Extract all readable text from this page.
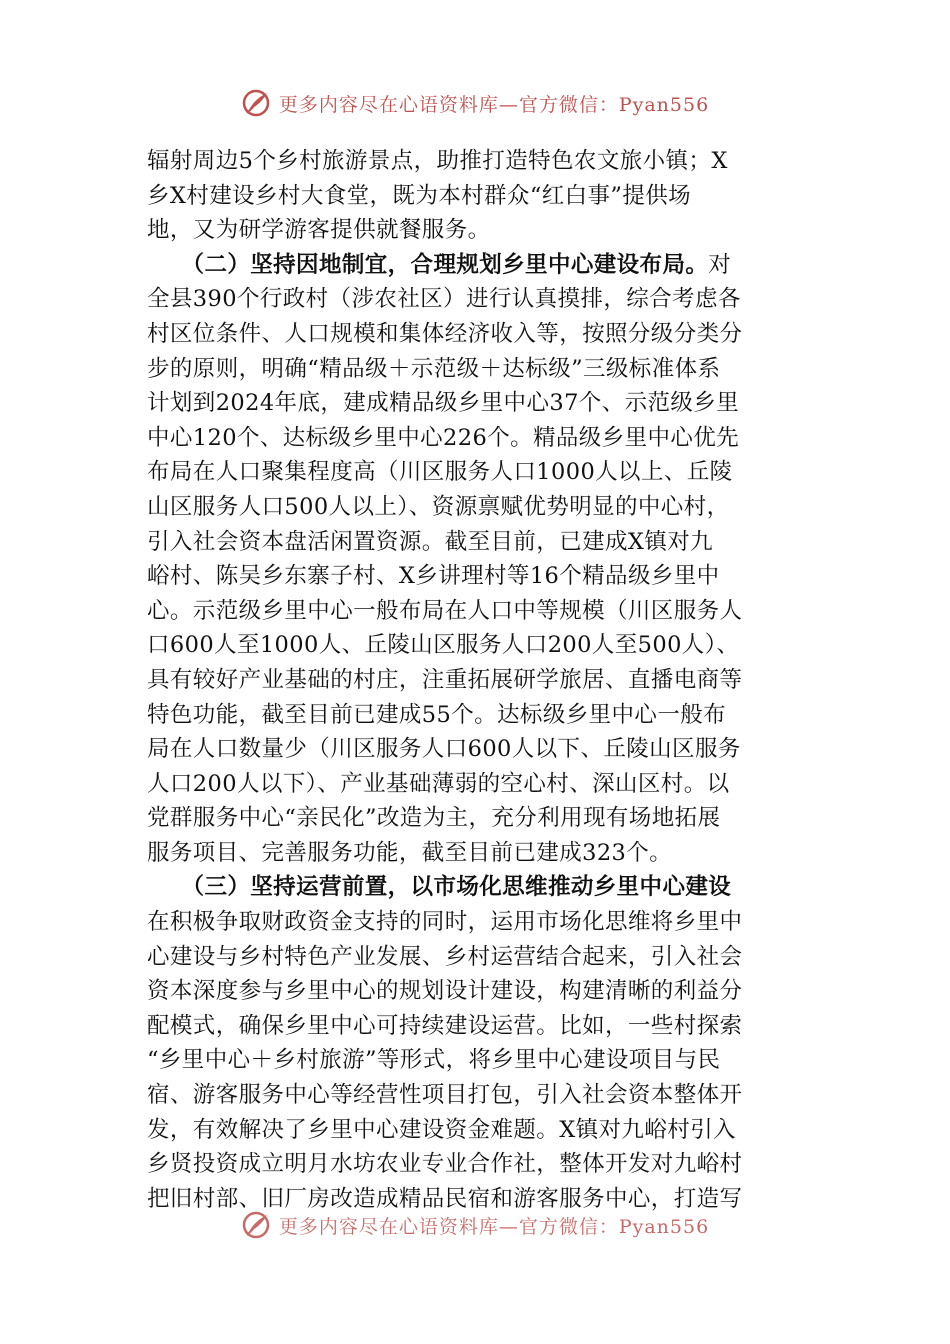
更多内容尽在心语资料库—官方微信：Pyan556
辐射周边5个乡村旅游景点，助推打造特色农文旅小镇；X
乡X村建设乡村大食堂，既为本村群众“红白事”提供场
地，又为研学游客提供就餐服务。
　　（二）坚持因地制宜，合理规划乡里中心建设布局。对
全县390个行政村（涉农社区）进行认真摸排，综合考虑各
村区位条件、人口规模和集体经济收入等，按照分级分类分
步的原则，明确“精品级＋示范级＋达标级”三级标准体系
计划到2024年底，建成精品级乡里中心37个、示范级乡里
中心120个、达标级乡里中心226个。精品级乡里中心优先
布局在人口聚集程度高（川区服务人口1000人以上、丘陵
山区服务人口500人以上）、资源禀赋优势明显的中心村，
引入社会资本盘活闲置资源。截至目前，已建成X镇对九
峪村、陈吴乡东寨子村、X乡讲理村等16个精品级乡里中
心。示范级乡里中心一般布局在人口中等规模（川区服务人
口600人至1000人、丘陵山区服务人口200人至500人）、
具有较好产业基础的村庄，注重拓展研学旅居、直播电商等
特色功能，截至目前已建成55个。达标级乡里中心一般布
局在人口数量少（川区服务人口600人以下、丘陵山区服务
人口200人以下）、产业基础薄弱的空心村、深山区村。以
党群服务中心“亲民化”改造为主，充分利用现有场地拓展
服务项目、完善服务功能，截至目前已建成323个。
　　（三）坚持运营前置，以市场化思维推动乡里中心建设
在积极争取财政资金支持的同时，运用市场化思维将乡里中
心建设与乡村特色产业发展、乡村运营结合起来，引入社会
资本深度参与乡里中心的规划设计建设，构建清晰的利益分
配模式，确保乡里中心可持续建设运营。比如，一些村探索
“乡里中心＋乡村旅游”等形式，将乡里中心建设项目与民
宿、游客服务中心等经营性项目打包，引入社会资本整体开
发，有效解决了乡里中心建设资金难题。X镇对九峪村引入
乡贤投资成立明月水坊农业专业合作社，整体开发对九峪村
把旧村部、旧厂房改造成精品民宿和游客服务中心，打造写
更多内容尽在心语资料库—官方微信：Pyan556
